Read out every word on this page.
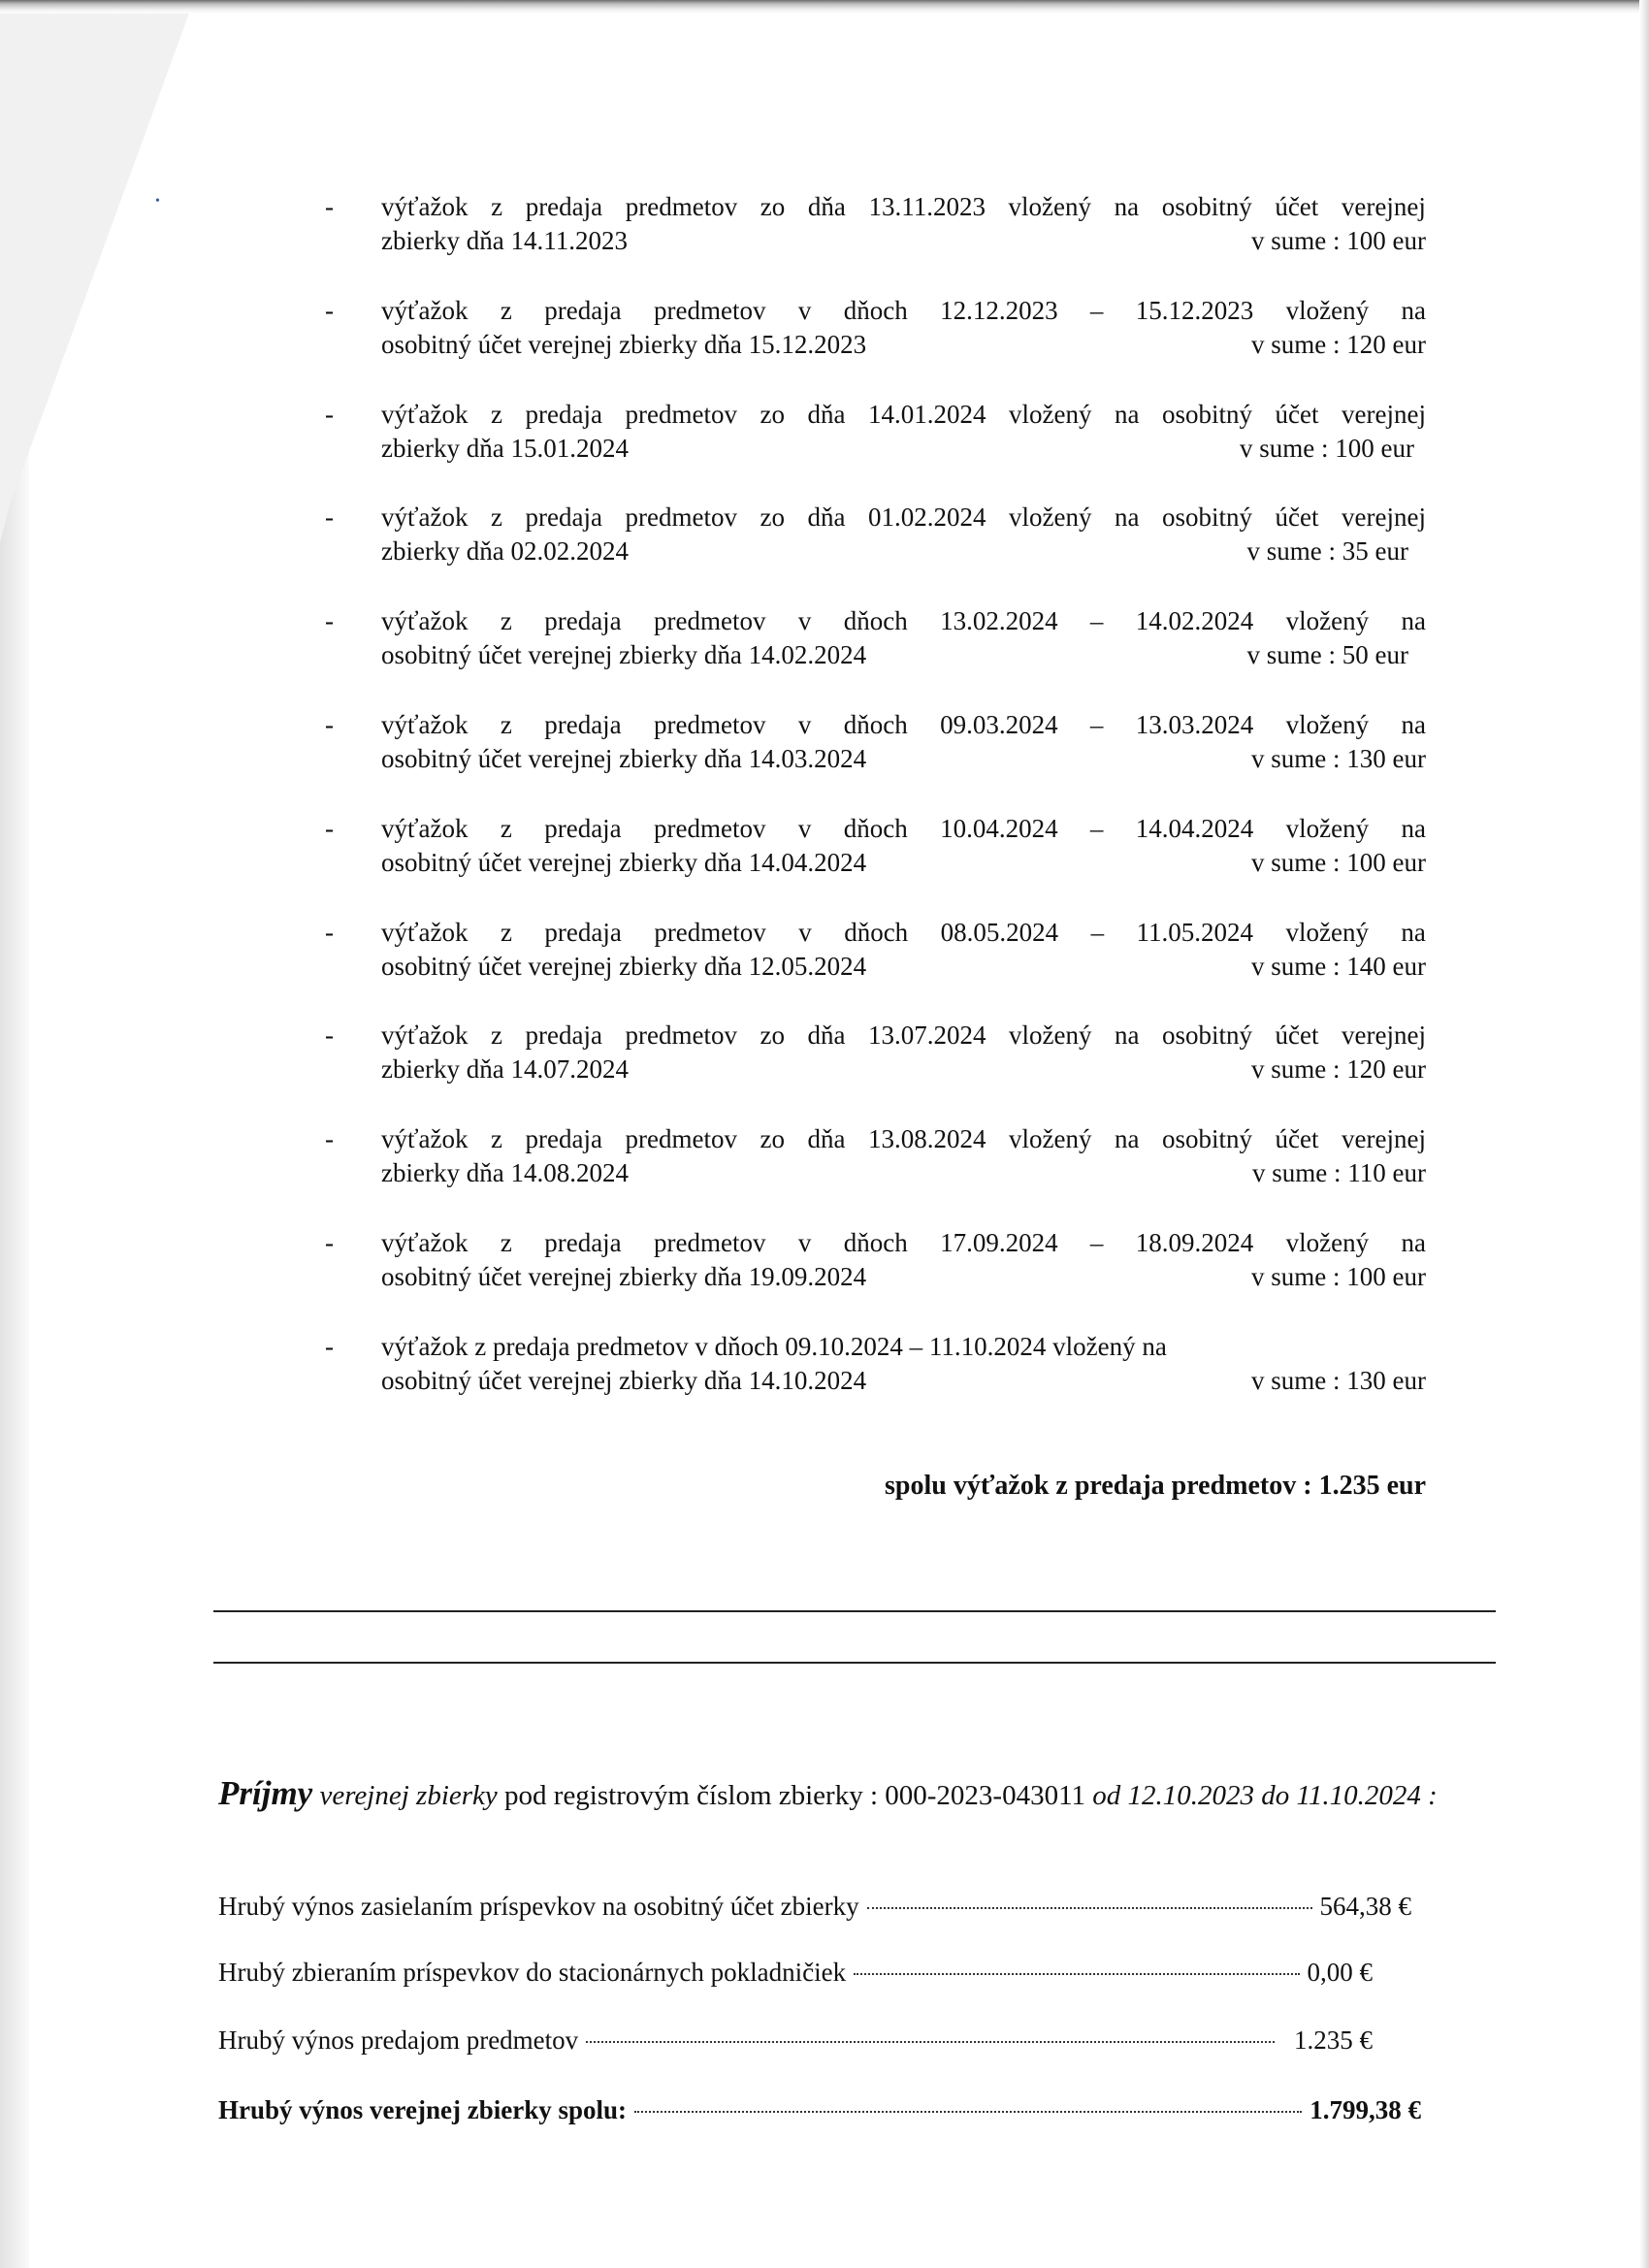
•	- výťažok z predaja predmetov zo dňa 13.11.2023 vložený na osobitný účet verejnej
zbierky dňa 14.11.2023	v sume : 100 eur
- výťažok z predaja predmetov v dňoch 12.12.2023 – 15.12.2023 vložený na
osobitný účet verejnej zbierky dňa 15.12.2023	v sume : 120 eur
- výťažok z predaja predmetov zo dňa 14.01.2024 vložený na osobitný účet verejnej
zbierky dňa 15.01.2024	v sume : 100 eur
- výťažok z predaja predmetov zo dňa 01.02.2024 vložený na osobitný účet verejnej
zbierky dňa 02.02.2024	v sume : 35 eur
- výťažok z predaja predmetov v dňoch 13.02.2024 – 14.02.2024 vložený na
osobitný účet verejnej zbierky dňa 14.02.2024	v sume : 50 eur
- výťažok z predaja predmetov v dňoch 09.03.2024 – 13.03.2024 vložený na
osobitný účet verejnej zbierky dňa 14.03.2024	v sume : 130 eur
- výťažok z predaja predmetov v dňoch 10.04.2024 – 14.04.2024 vložený na
osobitný účet verejnej zbierky dňa 14.04.2024	v sume : 100 eur
- výťažok z predaja predmetov v dňoch 08.05.2024 – 11.05.2024 vložený na
osobitný účet verejnej zbierky dňa 12.05.2024	v sume : 140 eur
- výťažok z predaja predmetov zo dňa 13.07.2024 vložený na osobitný účet verejnej
zbierky dňa 14.07.2024	v sume : 120 eur
- výťažok z predaja predmetov zo dňa 13.08.2024 vložený na osobitný účet verejnej
zbierky dňa 14.08.2024	v sume : 110 eur
- výťažok z predaja predmetov v dňoch 17.09.2024 – 18.09.2024 vložený na
osobitný účet verejnej zbierky dňa 19.09.2024	v sume : 100 eur
- výťažok z predaja predmetov v dňoch 09.10.2024 – 11.10.2024 vložený na
osobitný účet verejnej zbierky dňa 14.10.2024	v sume : 130 eur
spolu výťažok z predaja predmetov : 1.235 eur
Príjmy verejnej zbierky pod registrovým číslom zbierky : 000-2023-043011 od 12.10.2023 do 11.10.2024 :
Hrubý výnos zasielaním príspevkov na osobitný účet zbierky	564,38 €
Hrubý zbieraním príspevkov do stacionárnych pokladničiek	0,00 €
Hrubý výnos predajom predmetov	1.235 €
Hrubý výnos verejnej zbierky spolu:	1.799,38 €
